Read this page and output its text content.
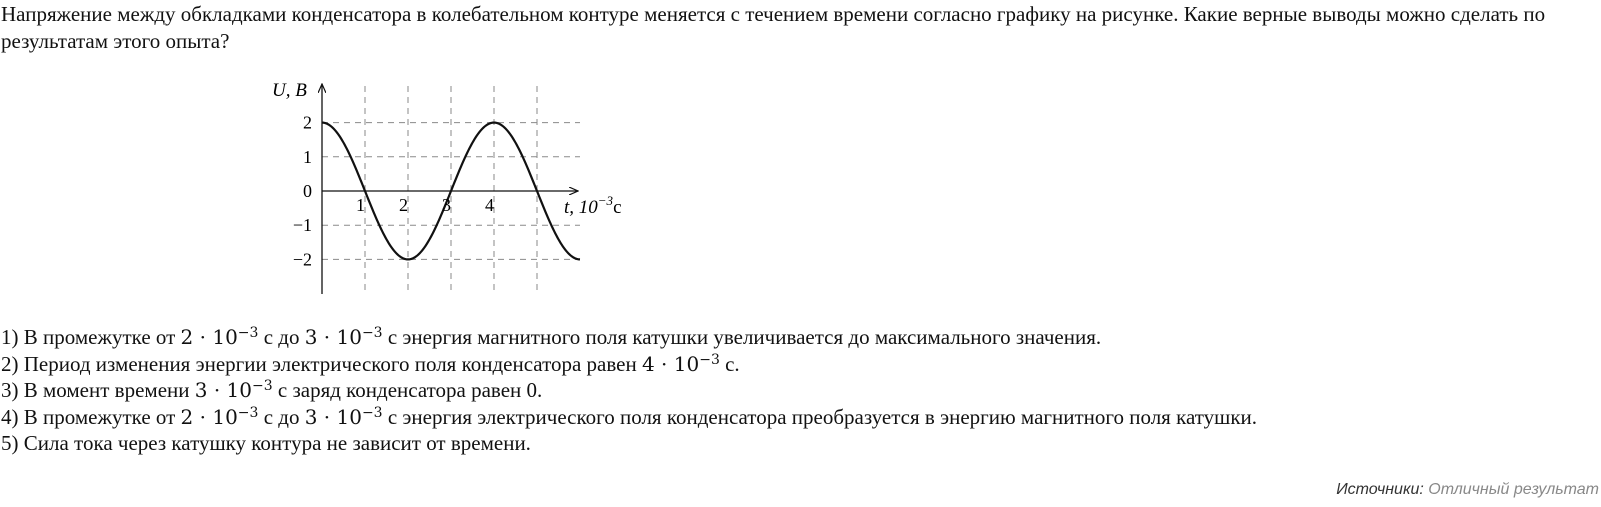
Напряжение между обкладками конденсатора в колебательном контуре меняется с течением времени согласно графику на рисунке. Какие верные выводы можно сделать по результатам этого опыта?

U, В
t, $10^{-3}с$
2
1
0
−1
−2
1 2 3 4
1) В промежутке от $2 \cdot 10^{-3}$ с до $3 \cdot 10^{-3}$ с энергия магнитного поля катушки увеличивается до максимального значения.
2) Период изменения энергии электрического поля конденсатора равен $4 \cdot 10^{-3}$ с.
3) В момент времени $3 \cdot 10^{-3}$ с заряд конденсатора равен 0.
4) В промежутке от $2 \cdot 10^{-3}$ с до $3 \cdot 10^{-3}$ с энергия электрического поля конденсатора преобразуется в энергию магнитного поля катушки.
5) Сила тока через катушку контура не зависит от времени.
Источники: Отличный результат
